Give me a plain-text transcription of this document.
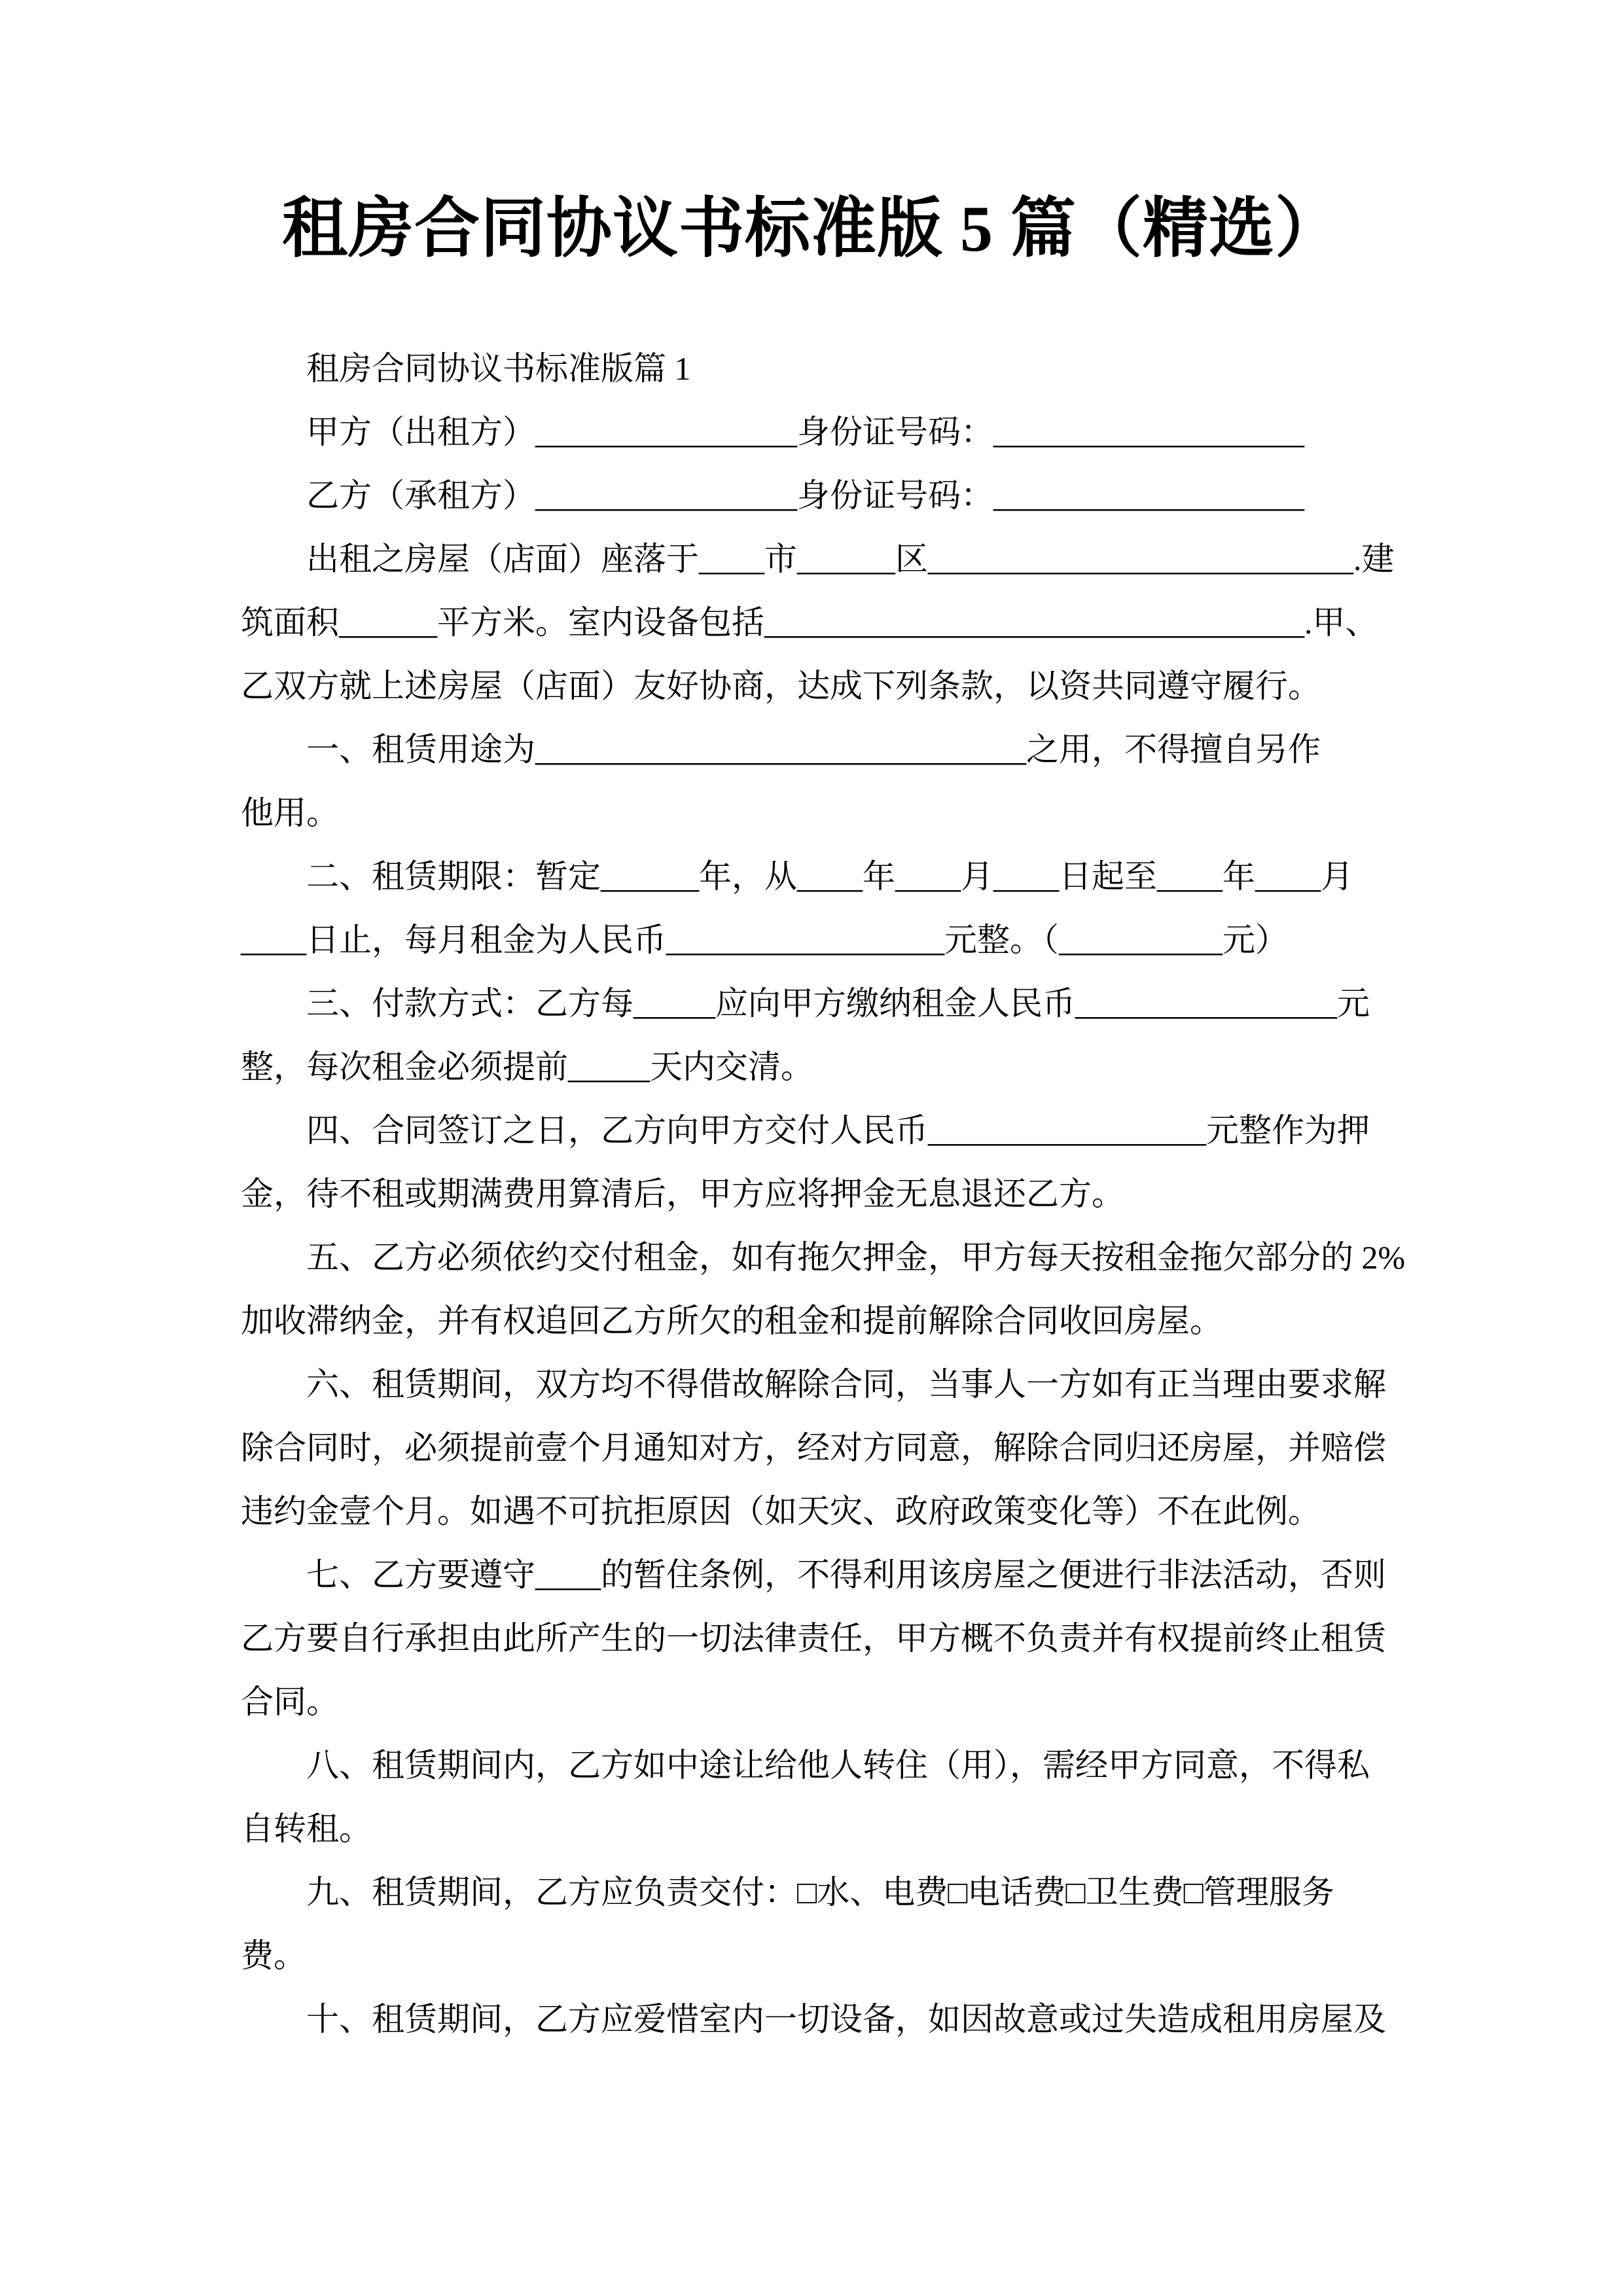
租房合同协议书标准版 5 篇（精选）
租房合同协议书标准版篇 1
甲方（出租方）________________身份证号码：___________________
乙方（承租方）________________身份证号码：___________________
出租之房屋（店面）座落于____市______区__________________________.建
筑面积______平方米。室内设备包括_________________________________.甲、
乙双方就上述房屋（店面）友好协商，达成下列条款，以资共同遵守履行。
一、租赁用途为______________________________之用，不得擅自另作
他用。
二、租赁期限：暂定______年，从____年____月____日起至____年____月
____日止，每月租金为人民币_________________元整。（__________元）
三、付款方式：乙方每_____应向甲方缴纳租金人民币________________元
整，每次租金必须提前_____天内交清。
四、合同签订之日，乙方向甲方交付人民币_________________元整作为押
金，待不租或期满费用算清后，甲方应将押金无息退还乙方。
五、乙方必须依约交付租金，如有拖欠押金，甲方每天按租金拖欠部分的 2%
加收滞纳金，并有权追回乙方所欠的租金和提前解除合同收回房屋。
六、租赁期间，双方均不得借故解除合同，当事人一方如有正当理由要求解
除合同时，必须提前壹个月通知对方，经对方同意，解除合同归还房屋，并赔偿
违约金壹个月。如遇不可抗拒原因（如天灾、政府政策变化等）不在此例。
七、乙方要遵守____的暂住条例，不得利用该房屋之便进行非法活动，否则
乙方要自行承担由此所产生的一切法律责任，甲方概不负责并有权提前终止租赁
合同。
八、租赁期间内，乙方如中途让给他人转住（用），需经甲方同意，不得私
自转租。
九、租赁期间，乙方应负责交付：□水、电费□电话费□卫生费□管理服务
费。
十、租赁期间，乙方应爱惜室内一切设备，如因故意或过失造成租用房屋及
